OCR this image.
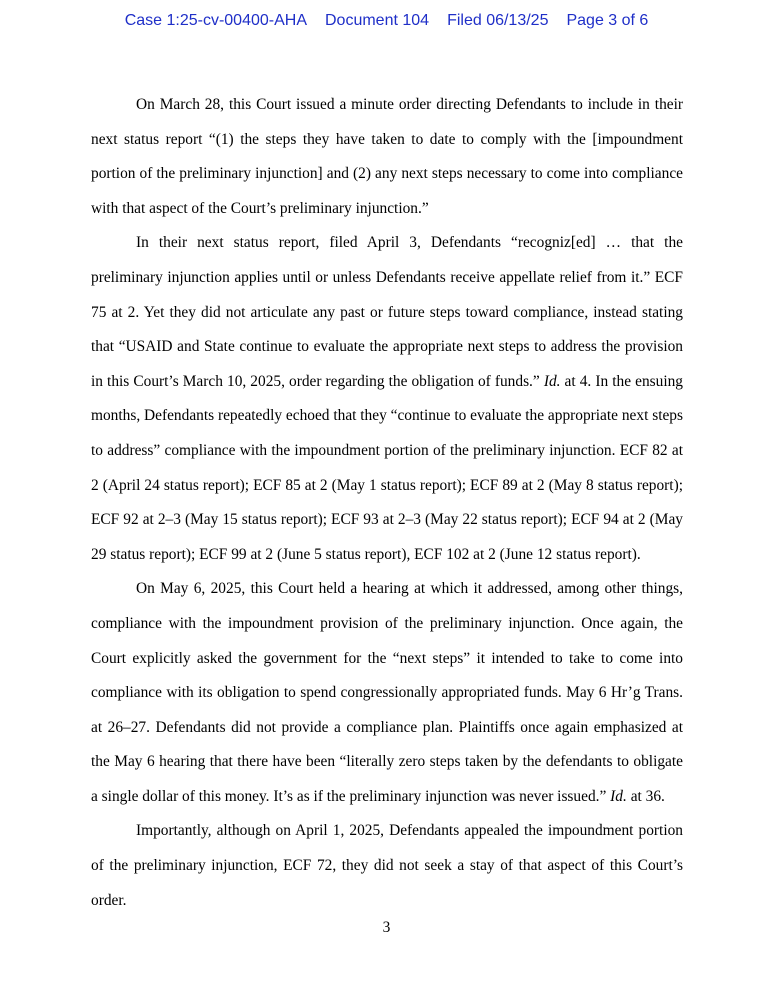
Case 1:25-cv-00400-AHA Document 104 Filed 06/13/25 Page 3 of 6

On March 28, this Court issued a minute order directing Defendants to include in their next status report “(1) the steps they have taken to date to comply with the [impoundment portion of the preliminary injunction] and (2) any next steps necessary to come into compliance with that aspect of the Court’s preliminary injunction.”

In their next status report, filed April 3, Defendants “recogniz[ed] … that the preliminary injunction applies until or unless Defendants receive appellate relief from it.” ECF 75 at 2. Yet they did not articulate any past or future steps toward compliance, instead stating that “USAID and State continue to evaluate the appropriate next steps to address the provision in this Court’s March 10, 2025, order regarding the obligation of funds.” Id. at 4. In the ensuing months, Defendants repeatedly echoed that they “continue to evaluate the appropriate next steps to address” compliance with the impoundment portion of the preliminary injunction. ECF 82 at 2 (April 24 status report); ECF 85 at 2 (May 1 status report); ECF 89 at 2 (May 8 status report); ECF 92 at 2–3 (May 15 status report); ECF 93 at 2–3 (May 22 status report); ECF 94 at 2 (May 29 status report); ECF 99 at 2 (June 5 status report), ECF 102 at 2 (June 12 status report).

On May 6, 2025, this Court held a hearing at which it addressed, among other things, compliance with the impoundment provision of the preliminary injunction. Once again, the Court explicitly asked the government for the “next steps” it intended to take to come into compliance with its obligation to spend congressionally appropriated funds. May 6 Hr’g Trans. at 26–27. Defendants did not provide a compliance plan. Plaintiffs once again emphasized at the May 6 hearing that there have been “literally zero steps taken by the defendants to obligate a single dollar of this money. It’s as if the preliminary injunction was never issued.” Id. at 36.

Importantly, although on April 1, 2025, Defendants appealed the impoundment portion of the preliminary injunction, ECF 72, they did not seek a stay of that aspect of this Court’s order.

3
